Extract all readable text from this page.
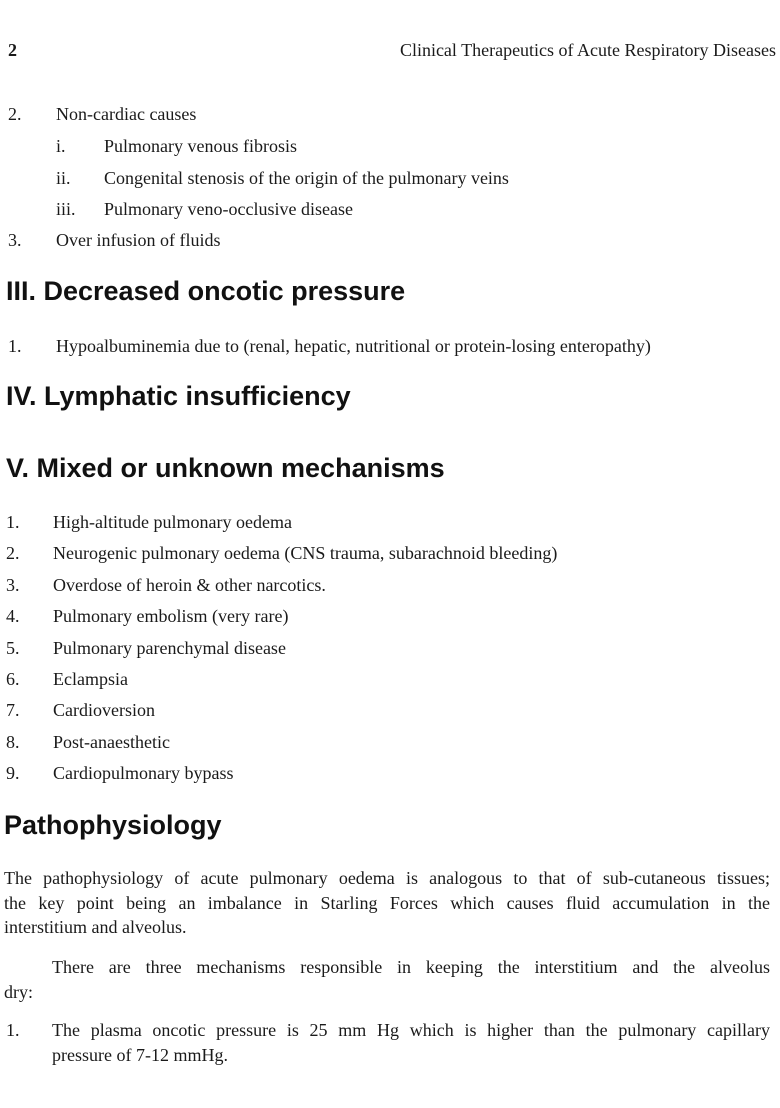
2	Clinical Therapeutics of Acute Respiratory Diseases
2. Non-cardiac causes
i. Pulmonary venous fibrosis
ii. Congenital stenosis of the origin of the pulmonary veins
iii. Pulmonary veno-occlusive disease
3. Over infusion of fluids
III. Decreased oncotic pressure
1. Hypoalbuminemia due to (renal, hepatic, nutritional or protein-losing enteropathy)
IV. Lymphatic insufficiency
V. Mixed or unknown mechanisms
1. High-altitude pulmonary oedema
2. Neurogenic pulmonary oedema (CNS trauma, subarachnoid bleeding)
3. Overdose of heroin & other narcotics.
4. Pulmonary embolism (very rare)
5. Pulmonary parenchymal disease
6. Eclampsia
7. Cardioversion
8. Post-anaesthetic
9. Cardiopulmonary bypass
Pathophysiology
The pathophysiology of acute pulmonary oedema is analogous to that of sub-cutaneous tissues;
the key point being an imbalance in Starling Forces which causes fluid accumulation in the
interstitium and alveolus.
There are three mechanisms responsible in keeping the interstitium and the alveolus
dry:
1. The plasma oncotic pressure is 25 mm Hg which is higher than the pulmonary capillary
pressure of 7-12 mmHg.
